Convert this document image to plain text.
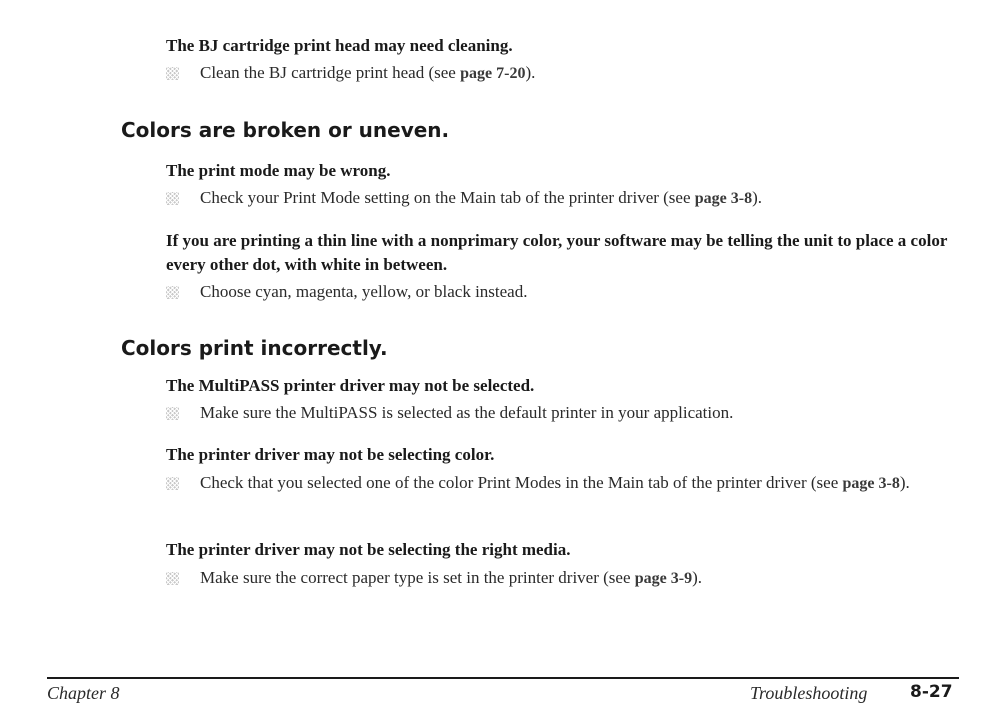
The BJ cartridge print head may need cleaning.

Clean the BJ cartridge print head (see page 7-20).
Colors are broken or uneven.

The print mode may be wrong.

Check your Print Mode setting on the Main tab of the printer driver (see page 3-8).

If you are printing a thin line with a nonprimary color, your software may be telling the unit to place a color every other dot, with white in between.

Choose cyan, magenta, yellow, or black instead.
Colors print incorrectly.

The MultiPASS printer driver may not be selected.

Make sure the MultiPASS is selected as the default printer in your application.

The printer driver may not be selecting color.

Check that you selected one of the color Print Modes in the Main tab of the printer driver (see page 3-8).

The printer driver may not be selecting the right media.

Make sure the correct paper type is set in the printer driver (see page 3-9).
Chapter 8	Troubleshooting	8-27
